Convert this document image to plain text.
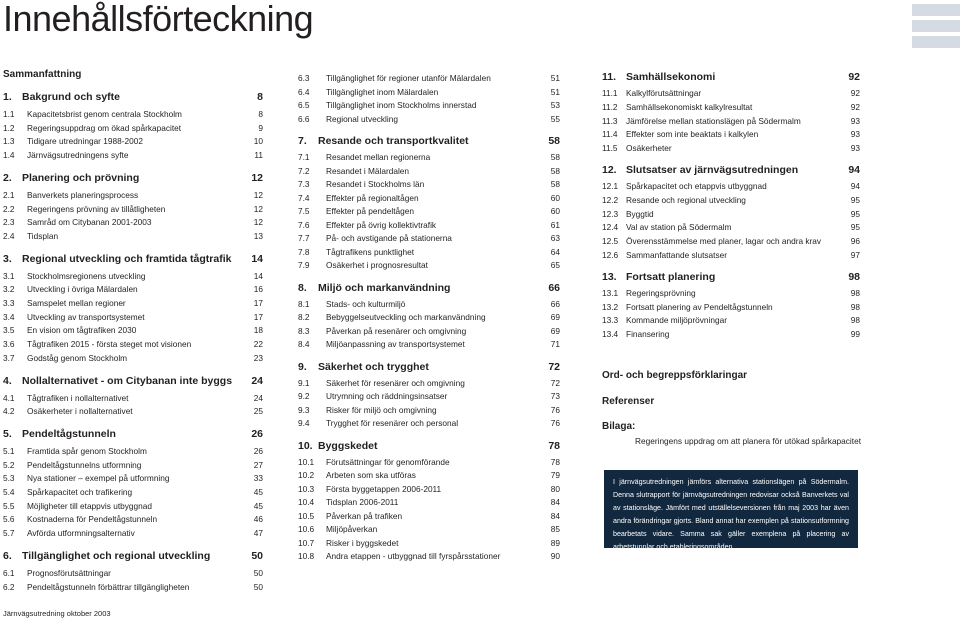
Innehållsförteckning
Sammanfattning
1. Bakgrund och syfte	8
1.1 Kapacitetsbrist genom centrala Stockholm	8
1.2 Regeringsuppdrag om ökad spårkapacitet	9
1.3 Tidigare utredningar 1988-2002	10
1.4 Järnvägsutredningens syfte	11
2. Planering och prövning	12
2.1 Banverkets planeringsprocess	12
2.2 Regeringens prövning av tillåtligheten	12
2.3 Samråd om Citybanan 2001-2003	12
2.4 Tidsplan	13
3. Regional utveckling och framtida tågtrafik	14
3.1 Stockholmsregionens utveckling	14
3.2 Utveckling i övriga Mälardalen	16
3.3 Samspelet mellan regioner	17
3.4 Utveckling av transportsystemet	17
3.5 En vision om tågtrafiken 2030	18
3.6 Tågtrafiken 2015 - första steget mot visionen	22
3.7 Godståg genom Stockholm	23
4. Nollalternativet - om Citybanan inte byggs	24
4.1 Tågtrafiken i nollalternativet	24
4.2 Osäkerheter i nollalternativet	25
5. Pendeltågstunneln	26
5.1 Framtida spår genom Stockholm	26
5.2 Pendeltågstunnelns utformning	27
5.3 Nya stationer – exempel på utformning	33
5.4 Spårkapacitet och trafikering	45
5.5 Möjligheter till etappvis utbyggnad	45
5.6 Kostnaderna för Pendeltågstunneln	46
5.7 Avförda utformningsalternativ	47
6. Tillgänglighet och regional utveckling	50
6.1 Prognosförutsättningar	50
6.2 Pendeltågstunneln förbättrar tillgängligheten	50
6.3 Tillgänglighet för regioner utanför Mälardalen	51
6.4 Tillgänglighet inom Mälardalen	51
6.5 Tillgänglighet inom Stockholms innerstad	53
6.6 Regional utveckling	55
7. Resande och transportkvalitet	58
7.1 Resandet mellan regionerna	58
7.2 Resandet i Mälardalen	58
7.3 Resandet i Stockholms län	58
7.4 Effekter på regionaltågen	60
7.5 Effekter på pendeltågen	60
7.6 Effekter på övrig kollektivtrafik	61
7.7 På- och avstigande på stationerna	63
7.8 Tågtrafikens punktlighet	64
7.9 Osäkerhet i prognosresultat	65
8. Miljö och markanvändning	66
8.1 Stads- och kulturmiljö	66
8.2 Bebyggelseutveckling och markanvändning	69
8.3 Påverkan på resenärer och omgivning	69
8.4 Miljöanpassning av transportsystemet	71
9. Säkerhet och trygghet	72
9.1 Säkerhet för resenärer och omgivning	72
9.2 Utrymning och räddningsinsatser	73
9.3 Risker för miljö och omgivning	76
9.4 Trygghet för resenärer och personal	76
10. Byggskedet	78
10.1 Förutsättningar för genomförande	78
10.2 Arbeten som ska utföras	79
10.3 Första byggetappen 2006-2011	80
10.4 Tidsplan 2006-2011	84
10.5 Påverkan på trafiken	84
10.6 Miljöpåverkan	85
10.7 Risker i byggskedet	89
10.8 Andra etappen - utbyggnad till fyrspårsstationer	90
11. Samhällsekonomi	92
11.1 Kalkylförutsättningar	92
11.2 Samhällsekonomiskt kalkylresultat	92
11.3 Jämförelse mellan stationslägen på Södermalm	93
11.4 Effekter som inte beaktats i kalkylen	93
11.5 Osäkerheter	93
12. Slutsatser av järnvägsutredningen	94
12.1 Spårkapacitet och etappvis utbyggnad	94
12.2 Resande och regional utveckling	95
12.3 Byggtid	95
12.4 Val av station på Södermalm	95
12.5 Överensstämmelse med planer, lagar och andra krav	96
12.6 Sammanfattande slutsatser	97
13. Fortsatt planering	98
13.1 Regeringsprövning	98
13.2 Fortsatt planering av Pendeltågstunneln	98
13.3 Kommande miljöprövningar	98
13.4 Finansering	99
Ord- och begreppsförklaringar
Referenser
Bilaga:
Regeringens uppdrag om att planera för utökad spårkapacitet
I järnvägsutredningen jämförs alternativa stationslägen på Södermalm. Denna slutrapport för järnvägsutredningen redovisar också Banverkets val av stationsläge. Jämfört med utställelseversionen från maj 2003 har även andra förändringar gjorts. Bland annat har exemplen på stationsutformning bearbetats vidare. Samma sak gäller exemplena på placering av arbetstunnlar och etableringsområden.
Järnvägsutredning oktober 2003
